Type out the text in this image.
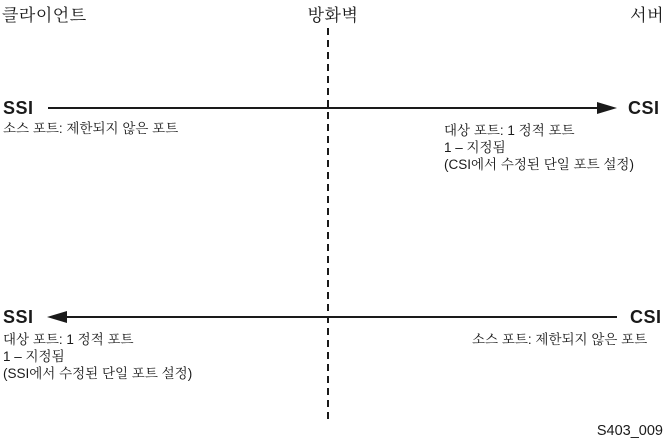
클라이언트	방화벽	서버
SSI	CSI
소스 포트: 제한되지 않은 포트	대상 포트: 1 정적 포트
1 – 지정됨
(CSI에서 수정된 단일 포트 설정)
SSI	CSI
대상 포트: 1 정적 포트
1 – 지정됨
(SSI에서 수정된 단일 포트 설정)
소스 포트: 제한되지 않은 포트
S403_009
